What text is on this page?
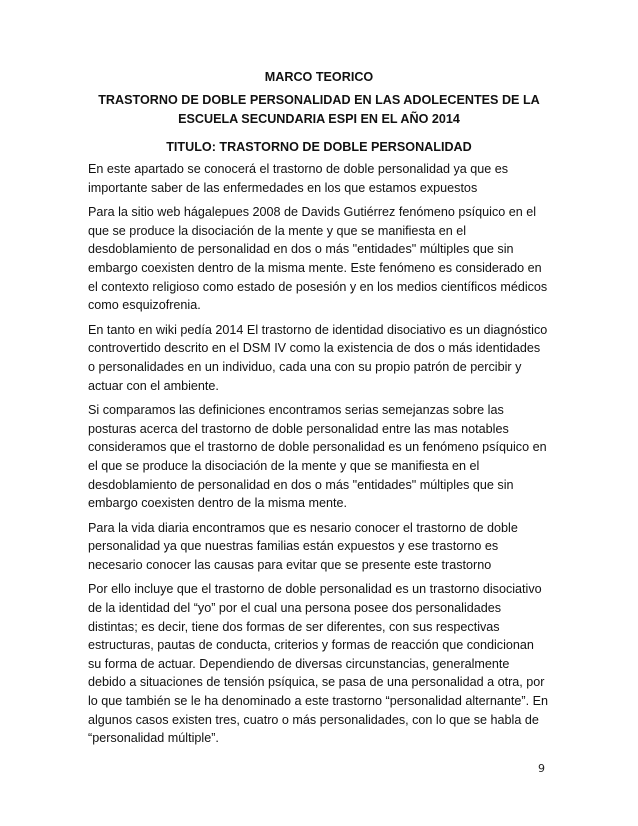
MARCO TEORICO
TRASTORNO DE DOBLE PERSONALIDAD EN LAS ADOLECENTES DE LA ESCUELA SECUNDARIA ESPI EN EL AÑO 2014
TITULO: TRASTORNO DE DOBLE PERSONALIDAD

En este apartado se conocerá el trastorno de doble personalidad ya que es importante saber de las enfermedades en los que estamos expuestos

Para la sitio web hágalepues 2008 de Davids Gutiérrez fenómeno psíquico en el que se produce la disociación de la mente y que se manifiesta en el desdoblamiento de personalidad en dos o más "entidades" múltiples que sin embargo coexisten dentro de la misma mente. Este fenómeno es considerado en el contexto religioso como estado de posesión y en los medios científicos médicos como esquizofrenia.

En tanto en wiki pedía 2014 El trastorno de identidad disociativo es un diagnóstico controvertido descrito en el DSM IV como la existencia de dos o más identidades o personalidades en un individuo, cada una con su propio patrón de percibir y actuar con el ambiente.

Si comparamos las definiciones encontramos serias semejanzas sobre las posturas acerca del trastorno de doble personalidad entre las mas notables consideramos que el trastorno de doble personalidad es un fenómeno psíquico en el que se produce la disociación de la mente y que se manifiesta en el desdoblamiento de personalidad en dos o más "entidades" múltiples que sin embargo coexisten dentro de la misma mente.

Para la vida diaria encontramos que es nesario conocer el trastorno de doble personalidad ya que nuestras familias están expuestos y ese trastorno es necesario conocer las causas para evitar que se presente este trastorno

Por ello incluye que el trastorno de doble personalidad es un trastorno disociativo de la identidad del “yo” por el cual una persona posee dos personalidades distintas; es decir, tiene dos formas de ser diferentes, con sus respectivas estructuras, pautas de conducta, criterios y formas de reacción que condicionan su forma de actuar. Dependiendo de diversas circunstancias, generalmente debido a situaciones de tensión psíquica, se pasa de una personalidad a otra, por lo que también se le ha denominado a este trastorno “personalidad alternante”. En algunos casos existen tres, cuatro o más personalidades, con lo que se habla de “personalidad múltiple”.

9
